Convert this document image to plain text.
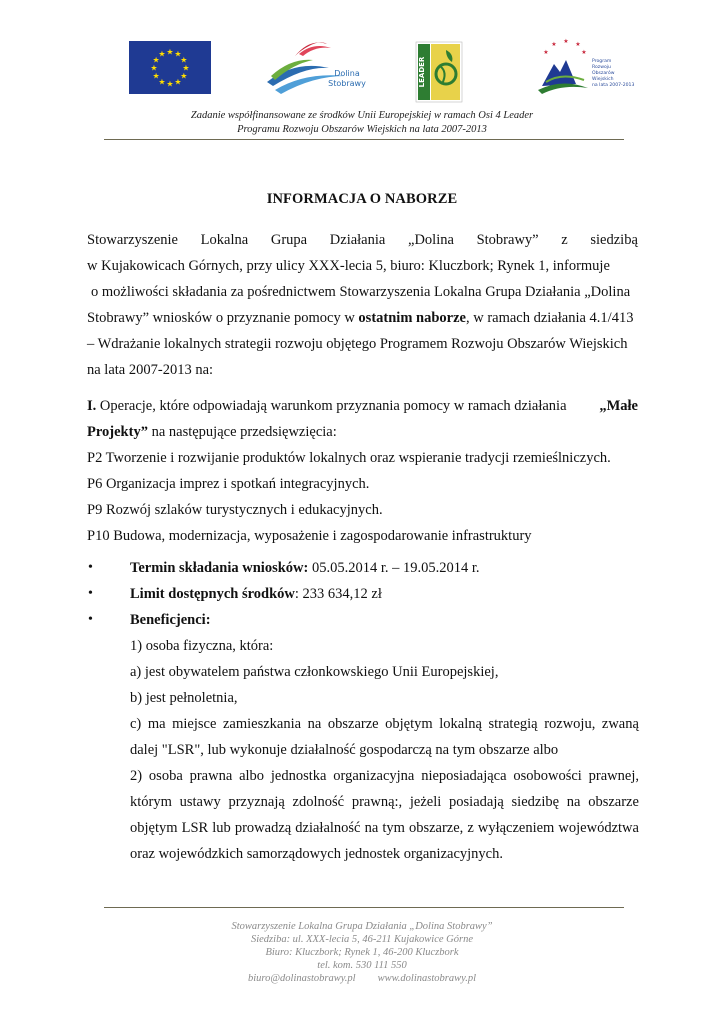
★ ★
★
★
★
★
★
★
★
★
★
★
Dolina
Stobrawy	LEADER
★
★ ★ ★
★
Program
Rozwoju
Obszarów
Wiejskich
na lata 2007-2013
Zadanie współfinansowane ze środków Unii Europejskiej w ramach Osi 4 Leader
Programu Rozwoju Obszarów Wiejskich na lata 2007-2013
INFORMACJA O NABORZE
Stowarzyszenie Lokalna Grupa Działania „Dolina Stobrawy” z siedzibą
w Kujakowicach Górnych, przy ulicy XXX-lecia 5, biuro: Kluczbork; Rynek 1, informuje
o możliwości składania za pośrednictwem Stowarzyszenia Lokalna Grupa Działania „Dolina
Stobrawy” wniosków o przyznanie pomocy w ostatnim naborze, w ramach działania 4.1/413
– Wdrażanie lokalnych strategii rozwoju objętego Programem Rozwoju Obszarów Wiejskich
na lata 2007-2013 na:
I. Operacje, które odpowiadają warunkom przyznania pomocy w ramach działania „Małe
Projekty” na następujące przedsięwzięcia:
P2 Tworzenie i rozwijanie produktów lokalnych oraz wspieranie tradycji rzemieślniczych.
P6 Organizacja imprez i spotkań integracyjnych.
P9 Rozwój szlaków turystycznych i edukacyjnych.
P10 Budowa, modernizacja, wyposażenie i zagospodarowanie infrastruktury
•	Termin składania wniosków: 05.05.2014 r. – 19.05.2014 r.
•	Limit dostępnych środków: 233 634,12 zł
•	Beneficjenci:
1) osoba fizyczna, która:
a) jest obywatelem państwa członkowskiego Unii Europejskiej,
b) jest pełnoletnia,
c) ma miejsce zamieszkania na obszarze objętym lokalną strategią rozwoju, zwaną
dalej "LSR", lub wykonuje działalność gospodarczą na tym obszarze albo
2) osoba prawna albo jednostka organizacyjna nieposiadająca osobowości prawnej,
którym ustawy przyznają zdolność prawną:, jeżeli posiadają siedzibę na obszarze
objętym LSR lub prowadzą działalność na tym obszarze, z wyłączeniem województwa
oraz wojewódzkich samorządowych jednostek organizacyjnych.
Stowarzyszenie Lokalna Grupa Działania „Dolina Stobrawy”
Siedziba: ul. XXX-lecia 5, 46-211 Kujakowice Górne
Biuro: Kluczbork; Rynek 1, 46-200 Kluczbork
tel. kom. 530 111 550
biuro@dolinastobrawy.pl www.dolinastobrawy.pl
